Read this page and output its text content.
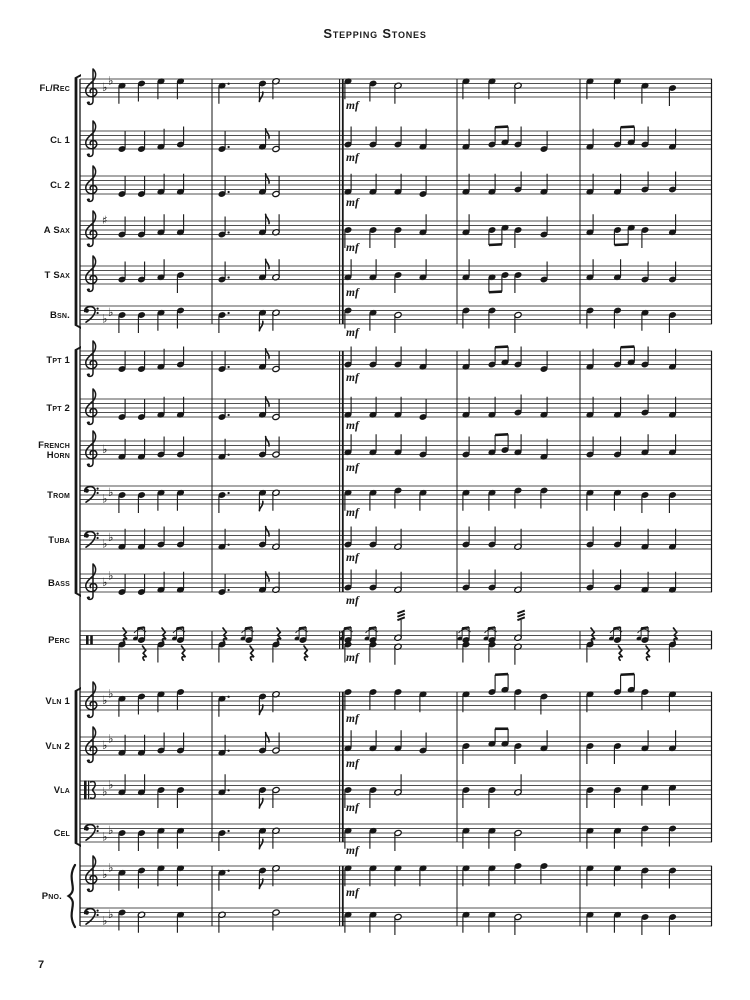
Stepping Stones
♭ ♭
Fl/Rec
mf
Cl 1
mf
Cl 2
mf
♯
A Sax
mf
T Sax
mf
♭ ♭
Bsn.
mf
Tpt 1
mf
Tpt 2
mf
♭
French
Horn
mf
♭ ♭
Trom
mf
♭ ♭
Tuba
mf
♭ ♭
Bass
mf
Perc
mf
♭ ♭
Vln 1
mf
♭ ♭
Vln 2
mf
♭ ♭
Vla
mf
♭ ♭
Cel
mf
♭ ♭
Pno.	mf
♭ ♭
7
